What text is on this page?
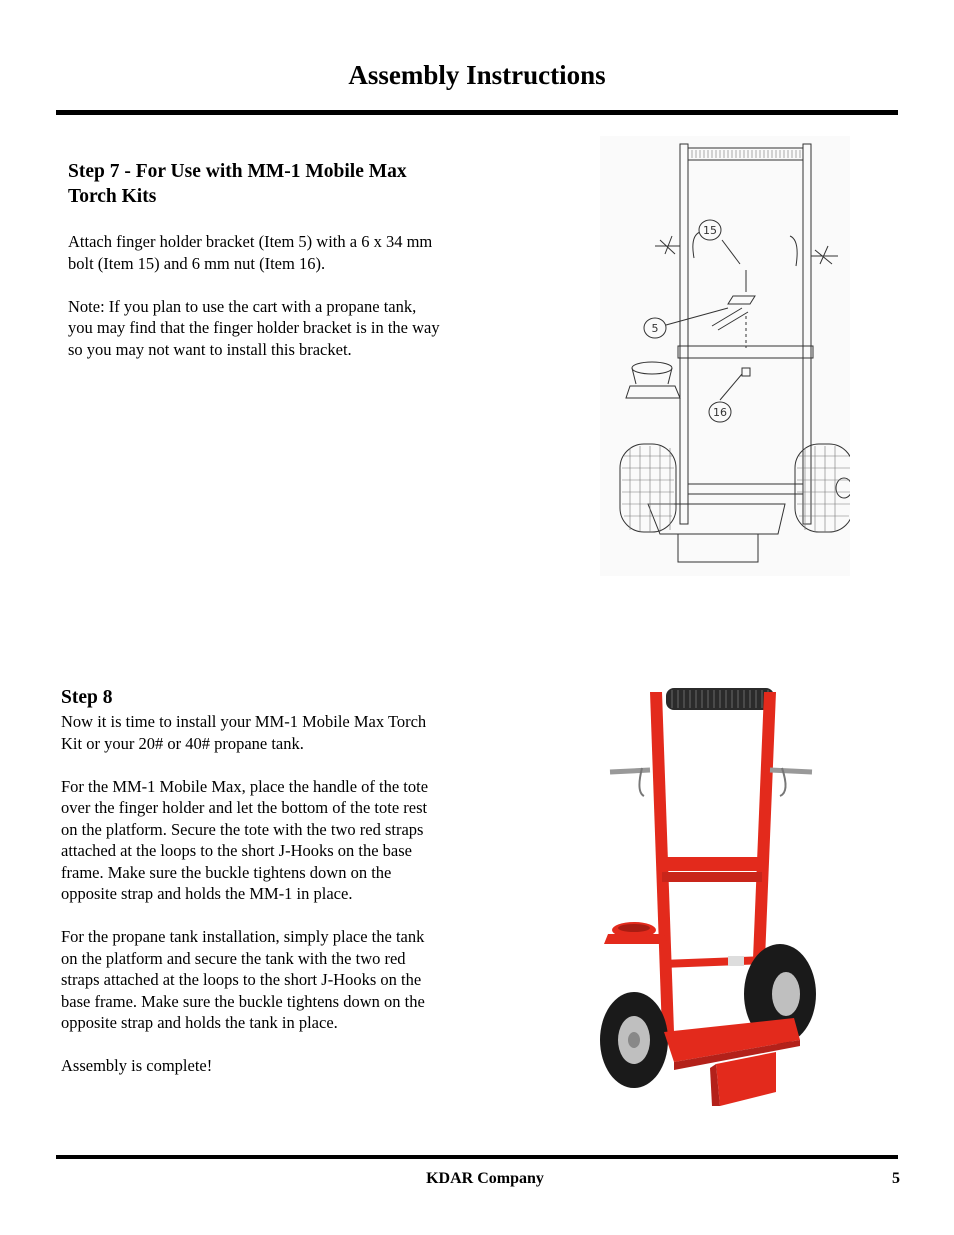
Assembly Instructions
Step 7 - For Use with MM-1 Mobile Max Torch Kits

Attach finger holder bracket (Item 5) with a 6 x 34 mm bolt (Item 15) and 6 mm nut (Item 16).

Note: If you plan to use the cart with a propane tank, you may find that the finger holder bracket is in the way so you may not want to install this bracket.

15
5
16
Step 8

Now it is time to install your MM-1 Mobile Max Torch Kit or your 20# or 40# propane tank.

For the MM-1 Mobile Max, place the handle of the tote over the finger holder and let the bottom of the tote rest on the platform. Secure the tote with the two red straps attached at the loops to the short J-Hooks on the base frame. Make sure the buckle tightens down on the opposite strap and holds the MM-1 in place.

For the propane tank installation, simply place the tank on the platform and secure the tank with the two red straps attached at the loops to the short J-Hooks on the base frame. Make sure the buckle tightens down on the opposite strap and holds the tank in place.

Assembly is complete!

KDAR Company	5
